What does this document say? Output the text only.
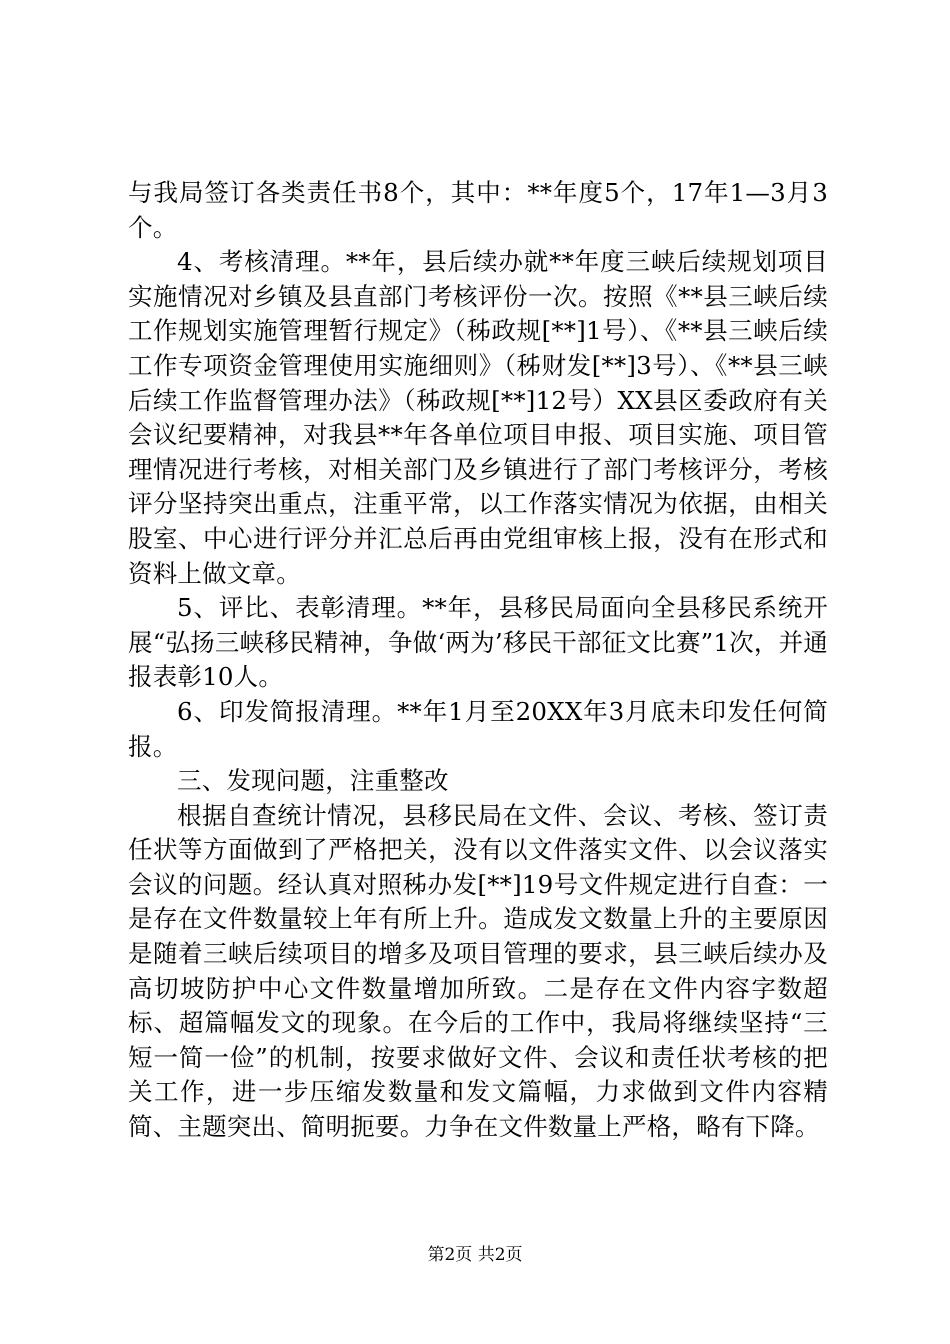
与我局签订各类责任书8个，其中：**年度5个，17年1—3月3个。

4、考核清理。**年，县后续办就**年度三峡后续规划项目实施情况对乡镇及县直部门考核评份一次。按照《**县三峡后续工作规划实施管理暂行规定》（秭政规[**]1号）、《**县三峡后续工作专项资金管理使用实施细则》（秭财发[**]3号）、《**县三峡后续工作监督管理办法》（秭政规[**]12号）XX县区委政府有关会议纪要精神，对我县**年各单位项目申报、项目实施、项目管理情况进行考核，对相关部门及乡镇进行了部门考核评分，考核评分坚持突出重点，注重平常，以工作落实情况为依据，由相关股室、中心进行评分并汇总后再由党组审核上报，没有在形式和资料上做文章。

5、评比、表彰清理。**年，县移民局面向全县移民系统开展“弘扬三峡移民精神，争做‘两为’移民干部征文比赛”1次，并通报表彰10人。

6、印发简报清理。**年1月至20XX年3月底未印发任何简报。

三、发现问题，注重整改

根据自查统计情况，县移民局在文件、会议、考核、签订责任状等方面做到了严格把关，没有以文件落实文件、以会议落实会议的问题。经认真对照秭办发[**]19号文件规定进行自查：一是存在文件数量较上年有所上升。造成发文数量上升的主要原因是随着三峡后续项目的增多及项目管理的要求，县三峡后续办及高切坡防护中心文件数量增加所致。二是存在文件内容字数超标、超篇幅发文的现象。在今后的工作中，我局将继续坚持“三短一简一俭”的机制，按要求做好文件、会议和责任状考核的把关工作，进一步压缩发数量和发文篇幅，力求做到文件内容精简、主题突出、简明扼要。力争在文件数量上严格，略有下降。

第2页 共2页
